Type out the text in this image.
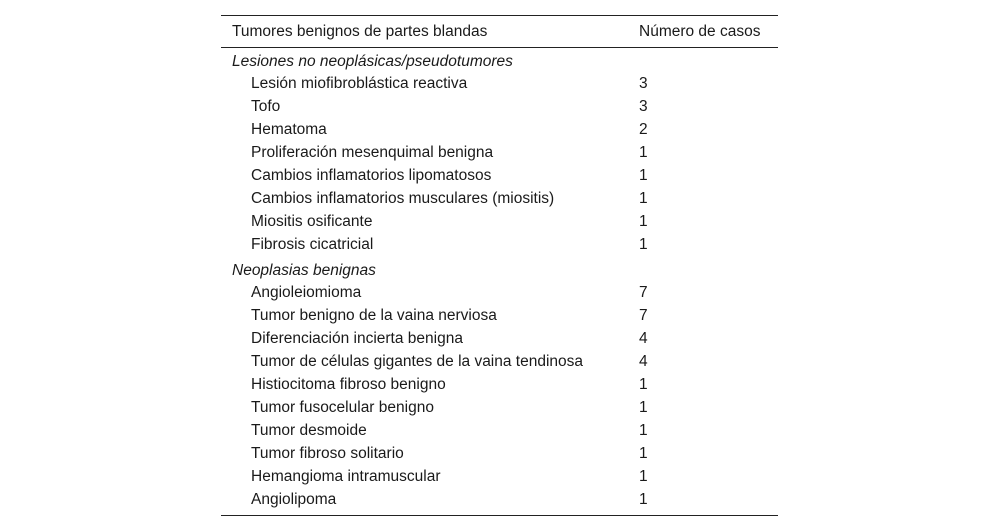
Tumores benignos de partes blandas	Número de casos
Lesiones no neoplásicas/pseudotumores
Lesión miofibroblástica reactiva	3
Tofo	3
Hematoma	2
Proliferación mesenquimal benigna	1
Cambios inflamatorios lipomatosos	1
Cambios inflamatorios musculares (miositis)	1
Miositis osificante	1
Fibrosis cicatricial	1
Neoplasias benignas
Angioleiomioma	7
Tumor benigno de la vaina nerviosa	7
Diferenciación incierta benigna	4
Tumor de células gigantes de la vaina tendinosa	4
Histiocitoma fibroso benigno	1
Tumor fusocelular benigno	1
Tumor desmoide	1
Tumor fibroso solitario	1
Hemangioma intramuscular	1
Angiolipoma	1
